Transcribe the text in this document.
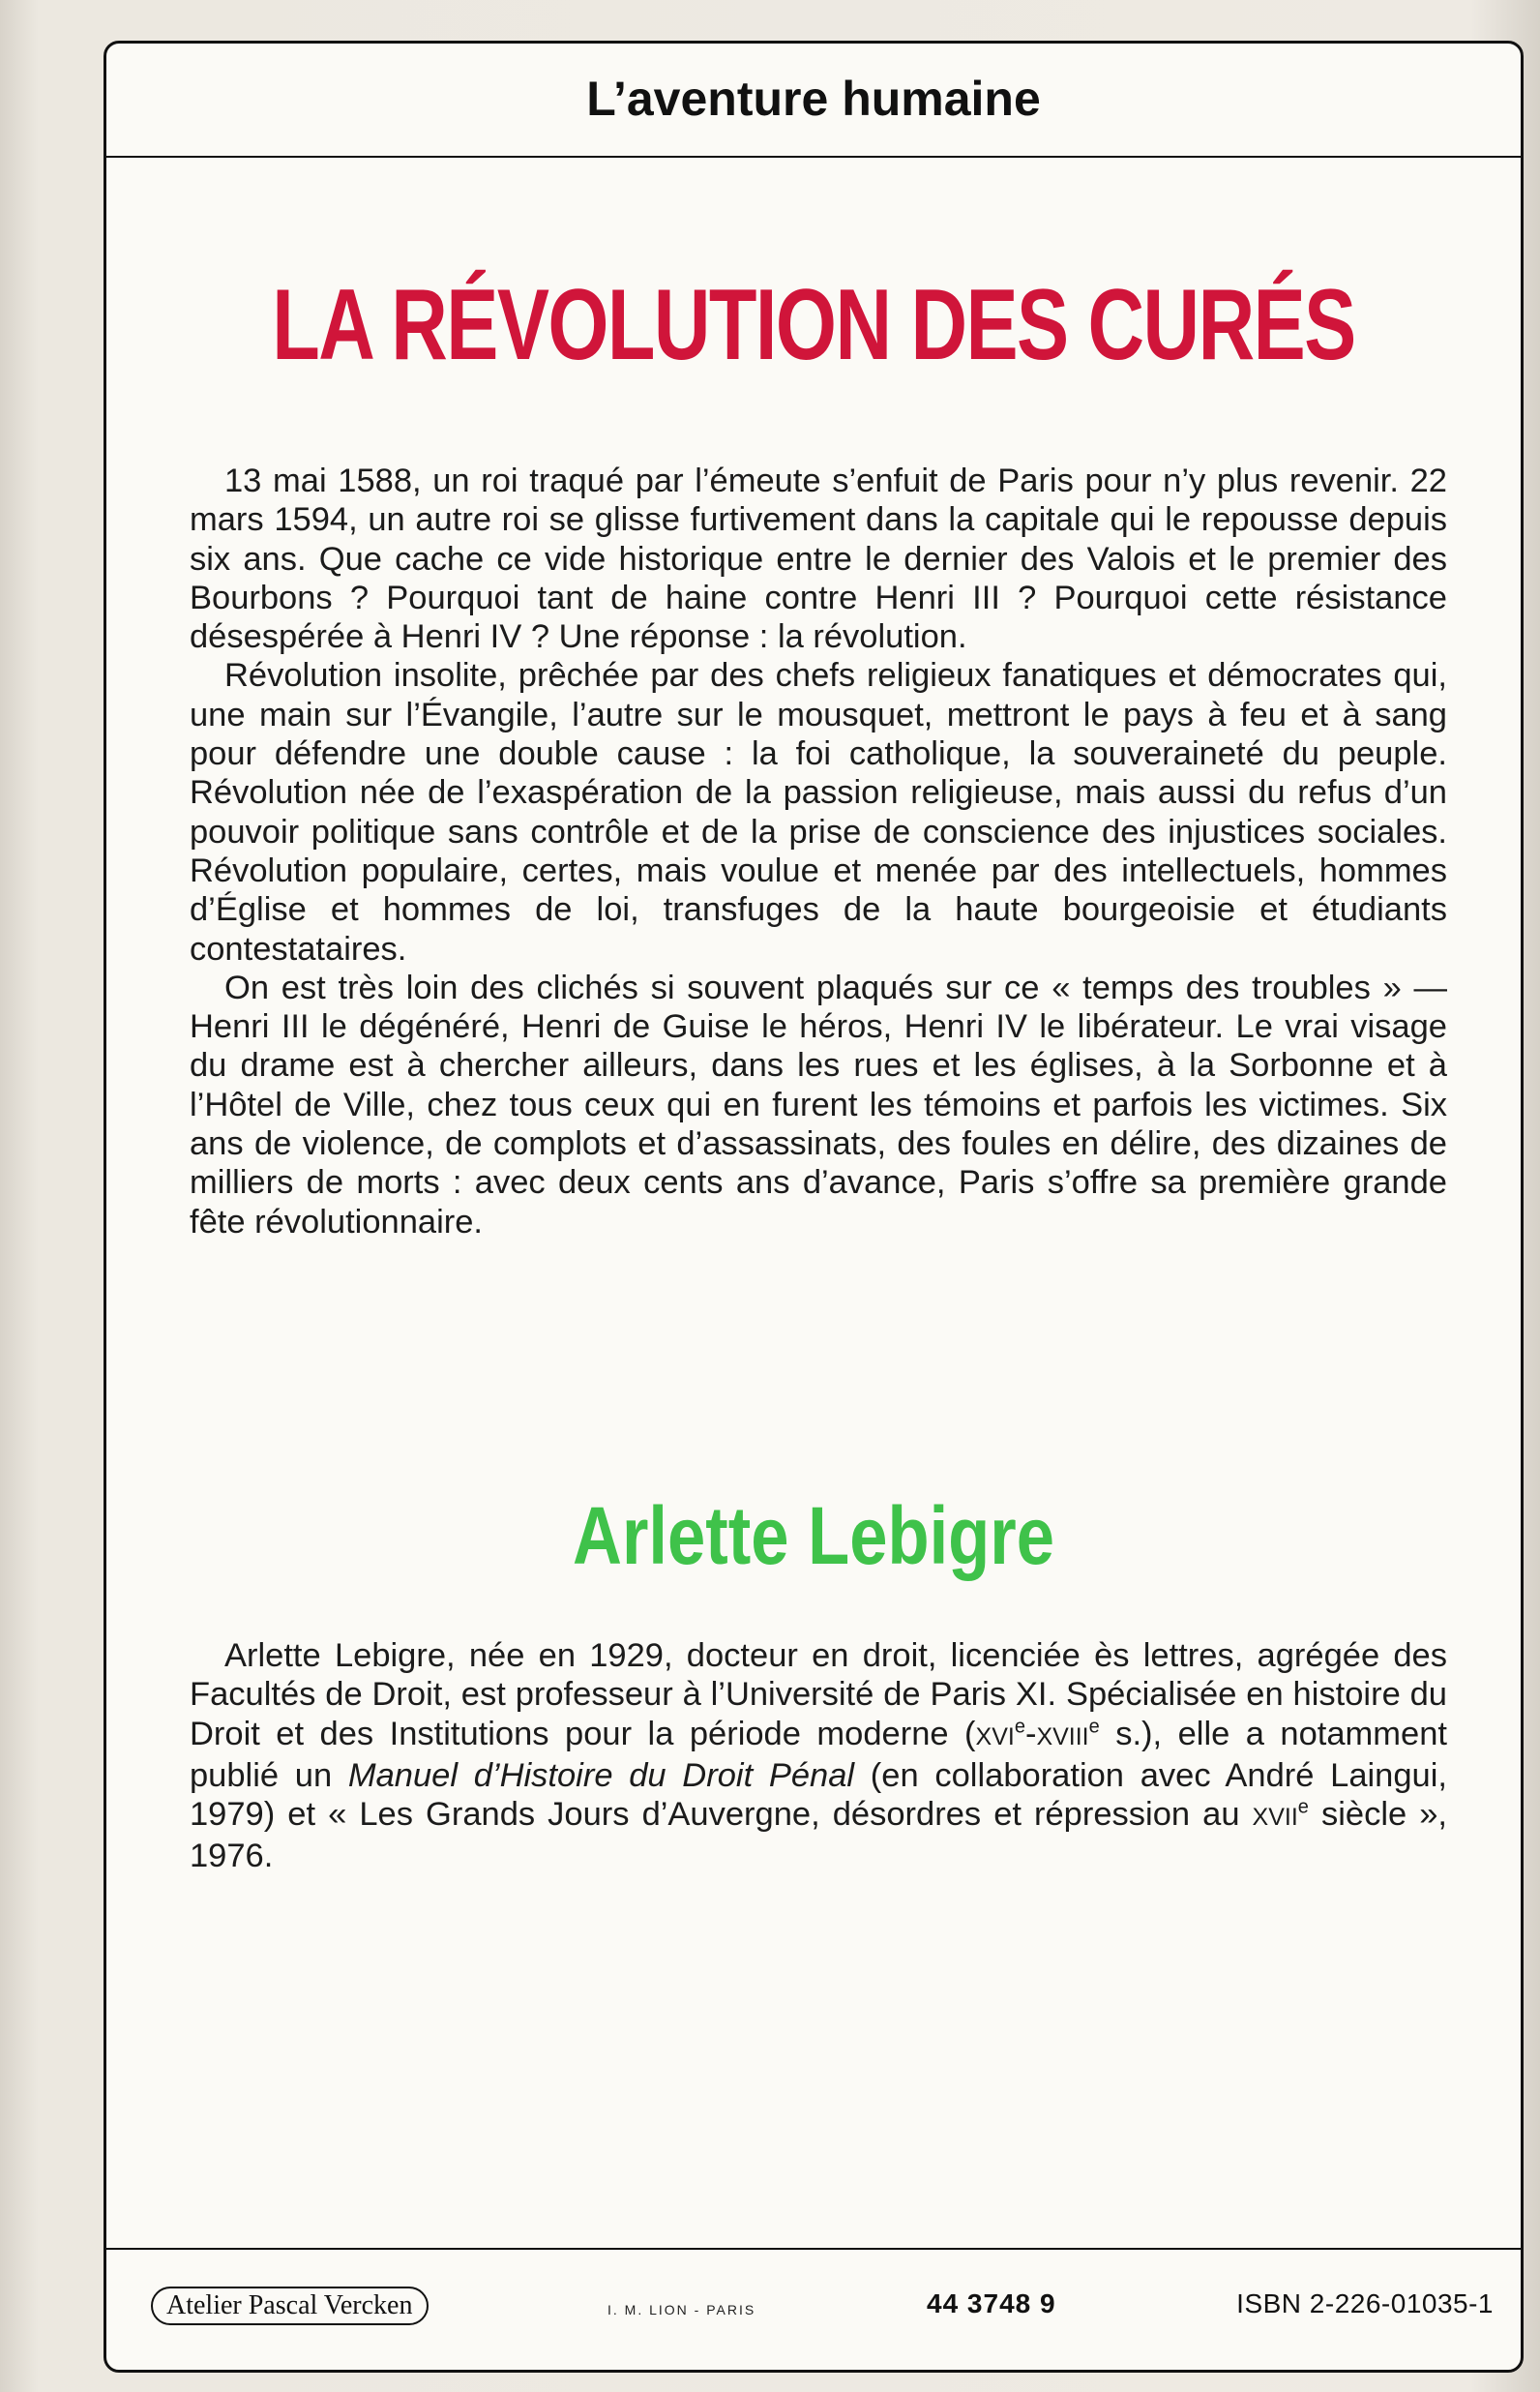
L’aventure humaine
LA RÉVOLUTION DES CURÉS

13 mai 1588, un roi traqué par l’émeute s’enfuit de Paris pour n’y plus revenir. 22 mars 1594, un autre roi se glisse furtivement dans la capitale qui le repousse depuis six ans. Que cache ce vide historique entre le dernier des Valois et le premier des Bourbons ? Pourquoi tant de haine contre Henri III ? Pourquoi cette résistance désespérée à Henri IV ? Une réponse : la révolution.

Révolution insolite, prêchée par des chefs religieux fanatiques et démocrates qui, une main sur l’Évangile, l’autre sur le mousquet, mettront le pays à feu et à sang pour défendre une double cause : la foi catholique, la souveraineté du peuple. Révolution née de l’exaspération de la passion religieuse, mais aussi du refus d’un pouvoir politique sans contrôle et de la prise de conscience des injustices sociales. Révolution populaire, certes, mais voulue et menée par des intellectuels, hommes d’Église et hommes de loi, transfuges de la haute bourgeoisie et étudiants contestataires.

On est très loin des clichés si souvent plaqués sur ce « temps des troubles » — Henri III le dégénéré, Henri de Guise le héros, Henri IV le libérateur. Le vrai visage du drame est à chercher ailleurs, dans les rues et les églises, à la Sorbonne et à l’Hôtel de Ville, chez tous ceux qui en furent les témoins et parfois les victimes. Six ans de violence, de complots et d’assassinats, des foules en délire, des dizaines de milliers de morts : avec deux cents ans d’avance, Paris s’offre sa première grande fête révolutionnaire.

Arlette Lebigre

Arlette Lebigre, née en 1929, docteur en droit, licenciée ès lettres, agrégée des Facultés de Droit, est professeur à l’Université de Paris XI. Spécialisée en histoire du Droit et des Institutions pour la période moderne (XVIe-XVIIIe s.), elle a notamment publié un Manuel d’Histoire du Droit Pénal (en collaboration avec André Laingui, 1979) et « Les Grands Jours d’Auvergne, désordres et répression au XVIIe siècle », 1976.

Atelier Pascal Vercken	I. M. LION - PARIS	44 3748 9	ISBN 2-226-01035-1
